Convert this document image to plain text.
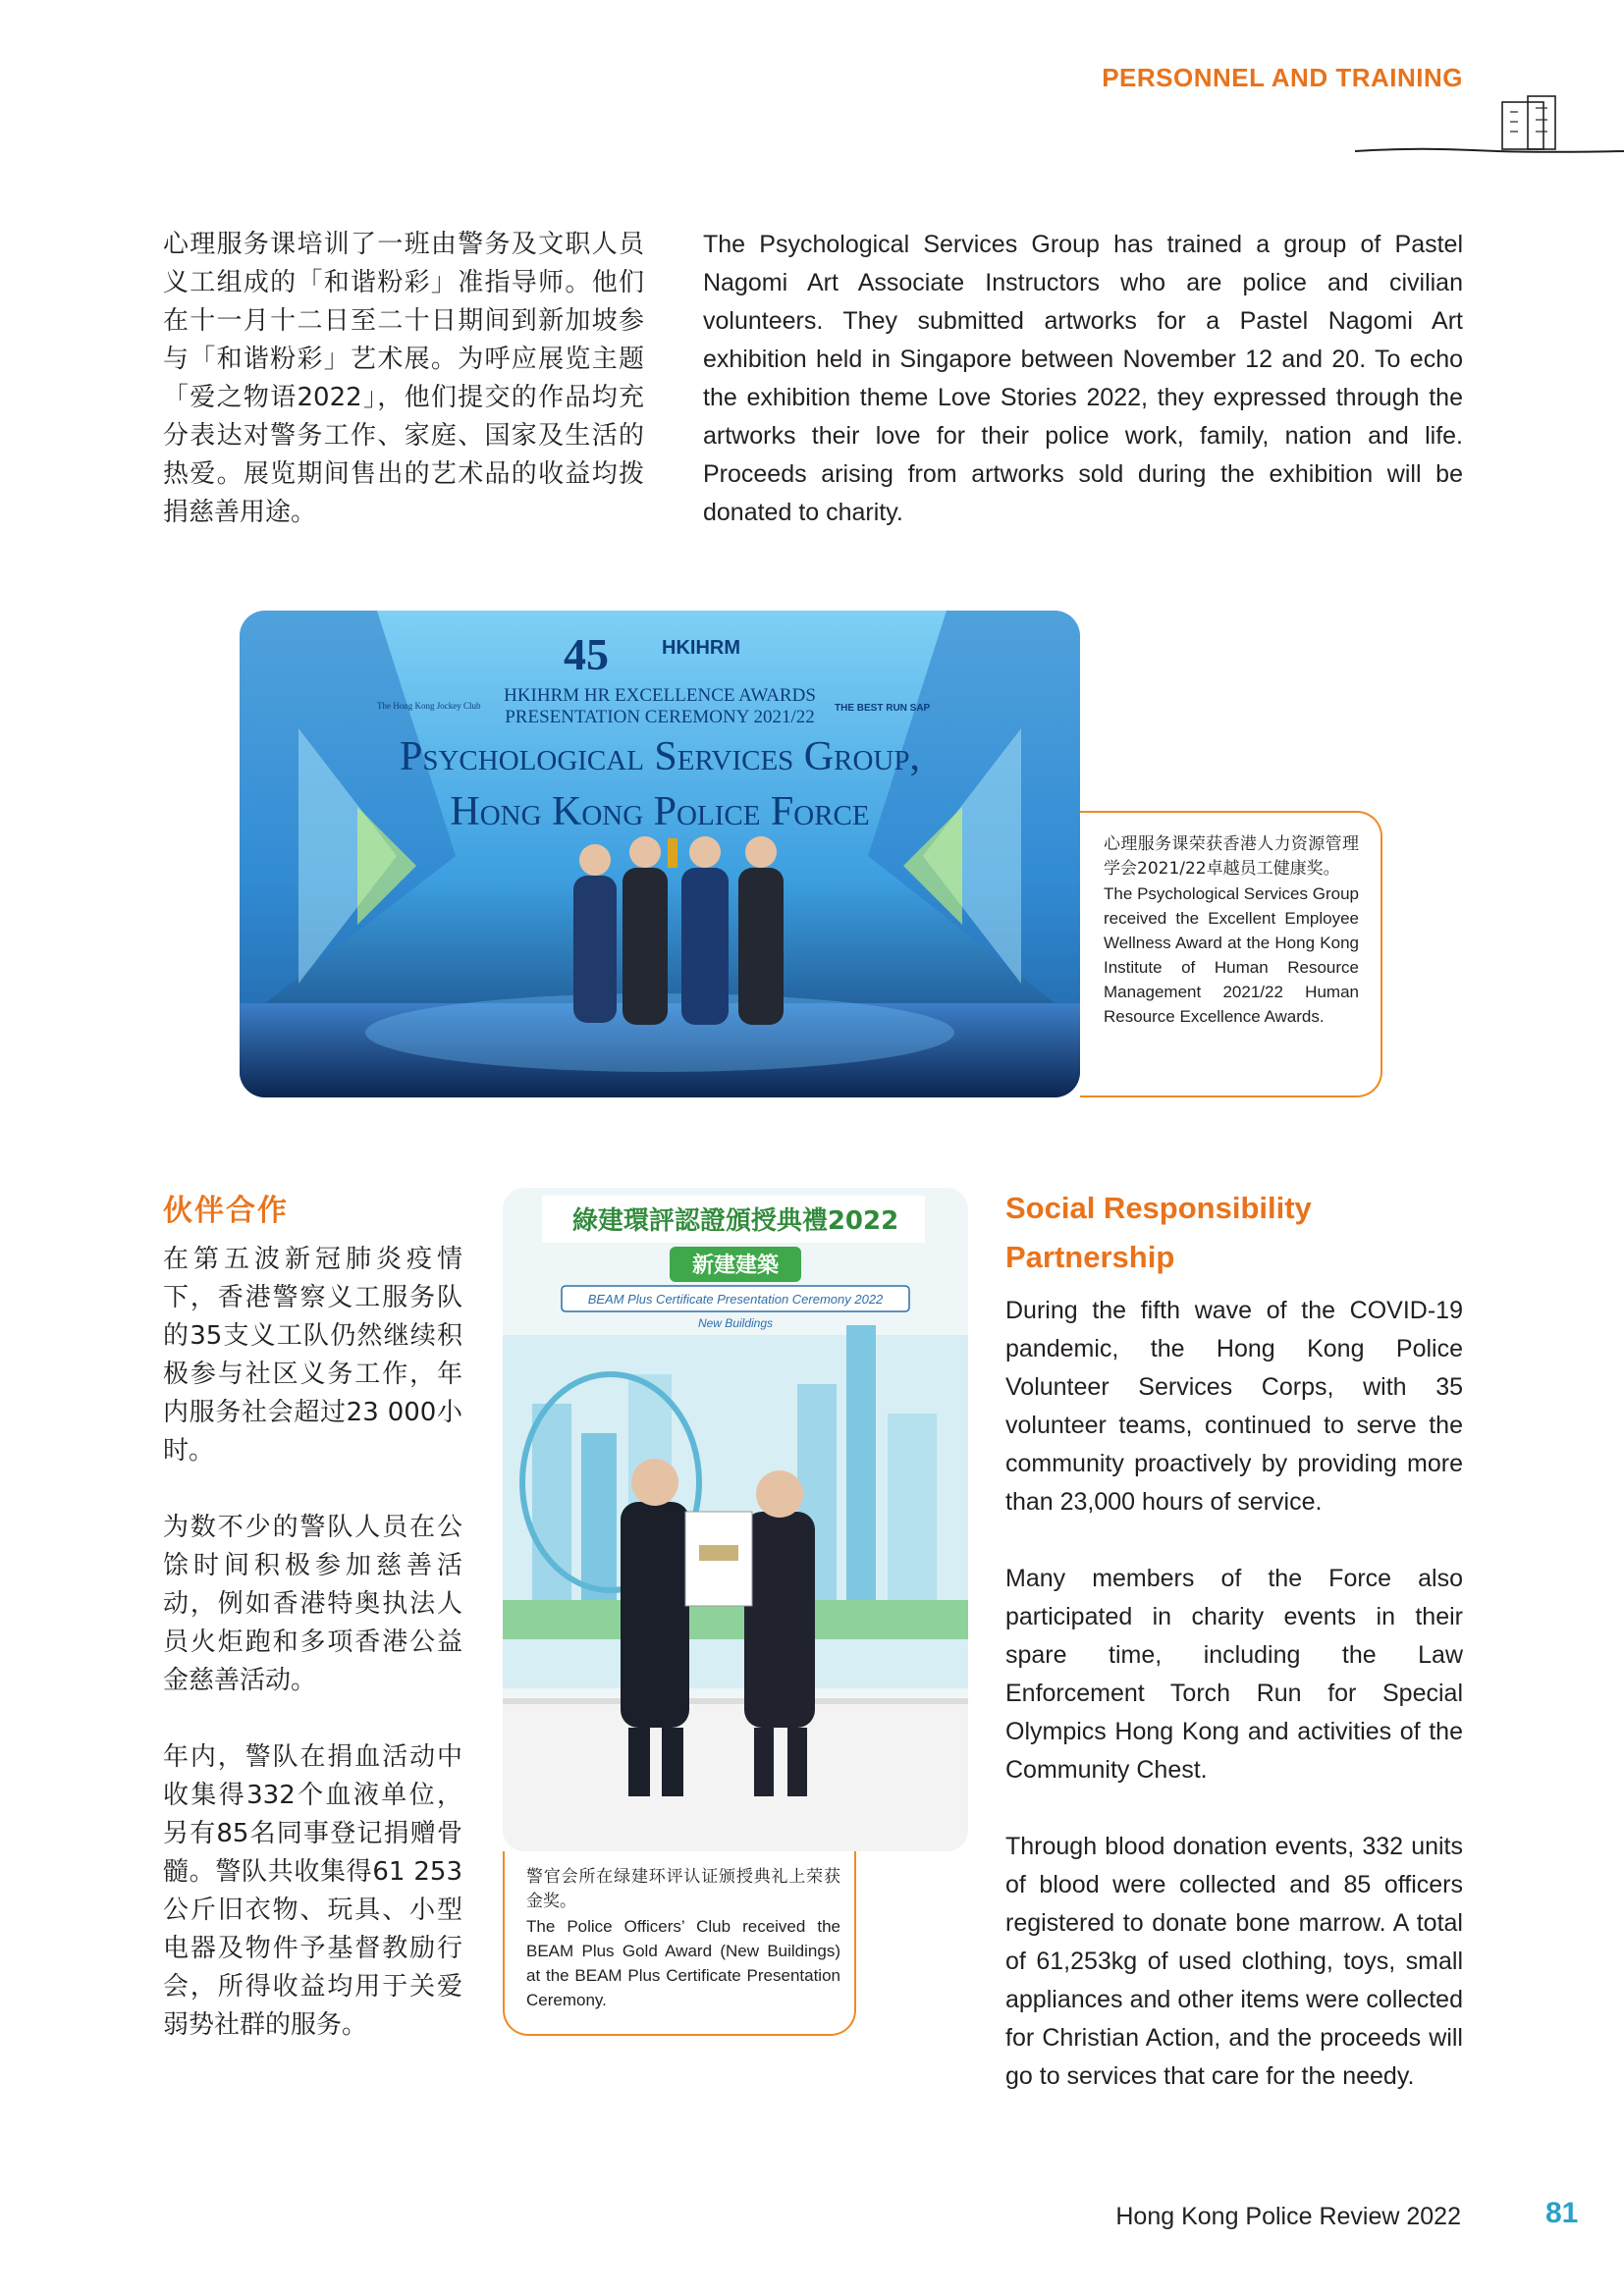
PERSONNEL AND TRAINING

心理服务课培训了一班由警务及文职人员义工组成的「和谐粉彩」准指导师。他们在十一月十二日至二十日期间到新加坡参与「和谐粉彩」艺术展。为呼应展览主题「爱之物语2022」，他们提交的作品均充分表达对警务工作、家庭、国家及生活的热爱。展览期间售出的艺术品的收益均拨捐慈善用途。

The Psychological Services Group has trained a group of Pastel Nagomi Art Associate Instructors who are police and civilian volunteers. They submitted artworks for a Pastel Nagomi Art exhibition held in Singapore between November 12 and 20. To echo the exhibition theme Love Stories 2022, they expressed through the artworks their love for their police work, family, nation and life. Proceeds arising from artworks sold during the exhibition will be donated to charity.

45	HKIHRM
The Hong Kong Jockey Club	THE BEST RUN SAP
HKIHRM HR EXCELLENCE AWARDS
PRESENTATION CEREMONY 2021/22
Psychological Services Group,
Hong Kong Police Force

心理服务课荣获香港人力资源管理学会2021/22卓越员工健康奖。

The Psychological Services Group received the Excellent Employee Wellness Award at the Hong Kong Institute of Human Resource Management 2021/22 Human Resource Excellence Awards.

伙伴合作	Social Responsibility Partnership

在第五波新冠肺炎疫情下，香港警察义工服务队的35支义工队仍然继续积极参与社区义务工作，年内服务社会超过23 000小时。

为数不少的警队人员在公馀时间积极参加慈善活动，例如香港特奥执法人员火炬跑和多项香港公益金慈善活动。

年内，警队在捐血活动中收集得332个血液单位，另有85名同事登记捐赠骨髓。警队共收集得61 253公斤旧衣物、玩具、小型电器及物件予基督教励行会，所得收益均用于关爱弱势社群的服务。

During the fifth wave of the COVID-19 pandemic, the Hong Kong Police Volunteer Services Corps, with 35 volunteer teams, continued to serve the community proactively by providing more than 23,000 hours of service.

Many members of the Force also participated in charity events in their spare time, including the Law Enforcement Torch Run for Special Olympics Hong Kong and activities of the Community Chest.

Through blood donation events, 332 units of blood were collected and 85 officers registered to donate bone marrow. A total of 61,253kg of used clothing, toys, small appliances and other items were collected for Christian Action, and the proceeds will go to services that care for the needy.

綠建環評認證頒授典禮2022
新建建築
BEAM Plus Certificate Presentation Ceremony 2022
New Buildings

警官会所在绿建环评认证颁授典礼上荣获金奖。

The Police Officers’ Club received the BEAM Plus Gold Award (New Buildings) at the BEAM Plus Certificate Presentation Ceremony.

Hong Kong Police Review 2022	81
